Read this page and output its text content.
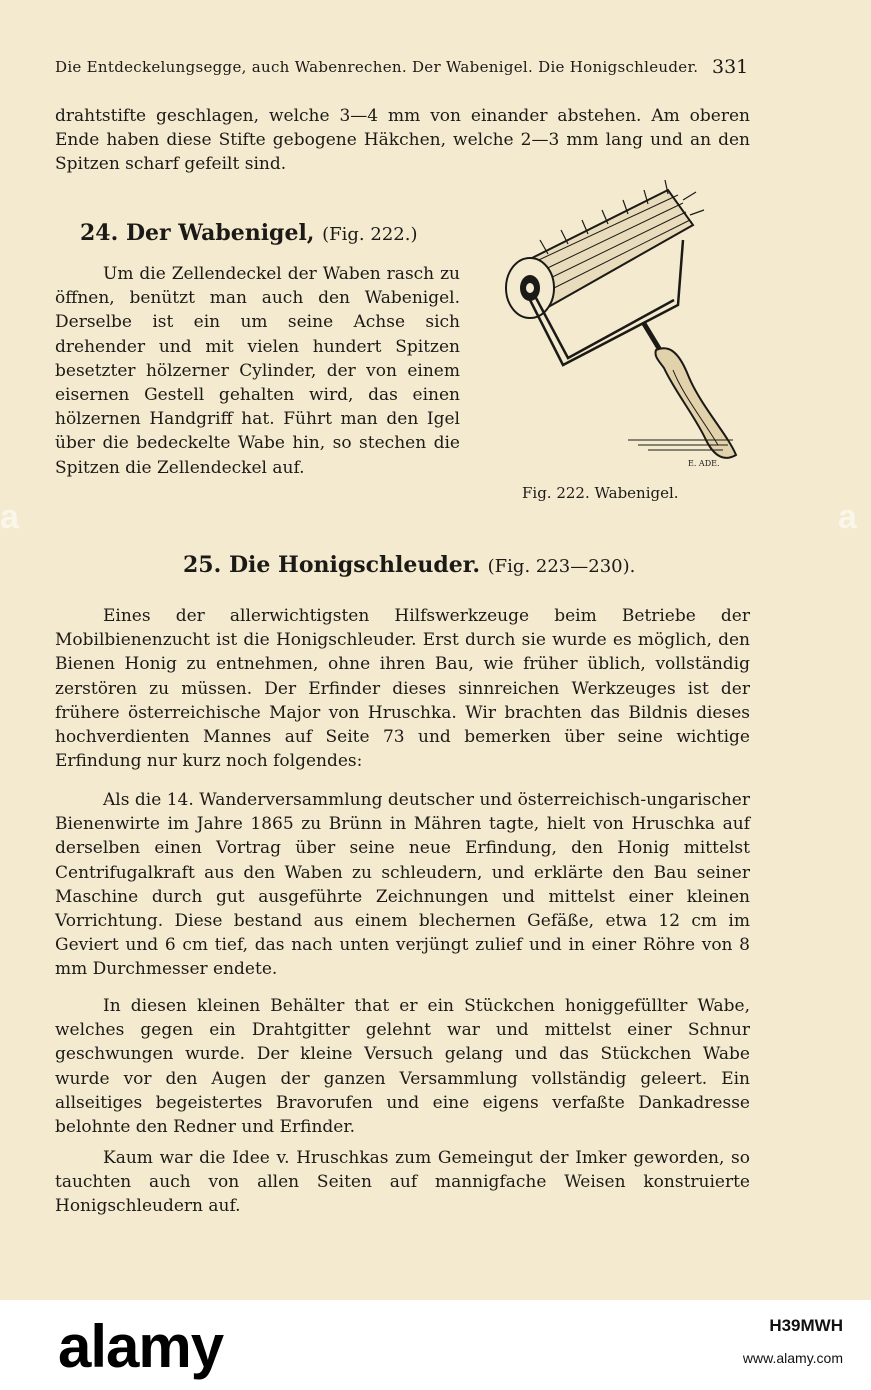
Die Entdeckelungsegge, auch Wabenrechen. Der Wabenigel. Die Honigschleuder. 331

drahtstifte geschlagen, welche 3—4 mm von einander abstehen. Am oberen Ende haben diese Stifte gebogene Häkchen, welche 2—3 mm lang und an den Spitzen scharf gefeilt sind.

24. Der Wabenigel, (Fig. 222.)

Um die Zellendeckel der Waben rasch zu öffnen, benützt man auch den Wabenigel. Derselbe ist ein um seine Achse sich drehender und mit vielen hundert Spitzen besetzter hölzerner Cylinder, der von einem eisernen Gestell gehalten wird, das einen hölzernen Handgriff hat. Führt man den Igel über die bedeckelte Wabe hin, so stechen die Spitzen die Zellendeckel auf.	E. ADE.
Fig. 222. Wabenigel.
25. Die Honigschleuder. (Fig. 223—230).

Eines der allerwichtigsten Hilfswerkzeuge beim Betriebe der Mobilbienenzucht ist die Honigschleuder. Erst durch sie wurde es möglich, den Bienen Honig zu entnehmen, ohne ihren Bau, wie früher üblich, vollständig zerstören zu müssen. Der Erfinder dieses sinnreichen Werkzeuges ist der frühere österreichische Major von Hruschka. Wir brachten das Bildnis dieses hochverdienten Mannes auf Seite 73 und bemerken über seine wichtige Erfindung nur kurz noch folgendes:

Als die 14. Wanderversammlung deutscher und österreichisch-ungarischer Bienenwirte im Jahre 1865 zu Brünn in Mähren tagte, hielt von Hruschka auf derselben einen Vortrag über seine neue Erfindung, den Honig mittelst Centrifugalkraft aus den Waben zu schleudern, und erklärte den Bau seiner Maschine durch gut ausgeführte Zeichnungen und mittelst einer kleinen Vorrichtung. Diese bestand aus einem blechernen Gefäße, etwa 12 cm im Geviert und 6 cm tief, das nach unten verjüngt zulief und in einer Röhre von 8 mm Durchmesser endete.

In diesen kleinen Behälter that er ein Stückchen honiggefüllter Wabe, welches gegen ein Drahtgitter gelehnt war und mittelst einer Schnur geschwungen wurde. Der kleine Versuch gelang und das Stückchen Wabe wurde vor den Augen der ganzen Versammlung vollständig geleert. Ein allseitiges begeistertes Bravorufen und eine eigens verfaßte Dankadresse belohnte den Redner und Erfinder.

Kaum war die Idee v. Hruschkas zum Gemeingut der Imker geworden, so tauchten auch von allen Seiten auf mannigfache Weisen konstruierte Honigschleudern auf.

a	a
alamy	H39MWH
www.alamy.com
